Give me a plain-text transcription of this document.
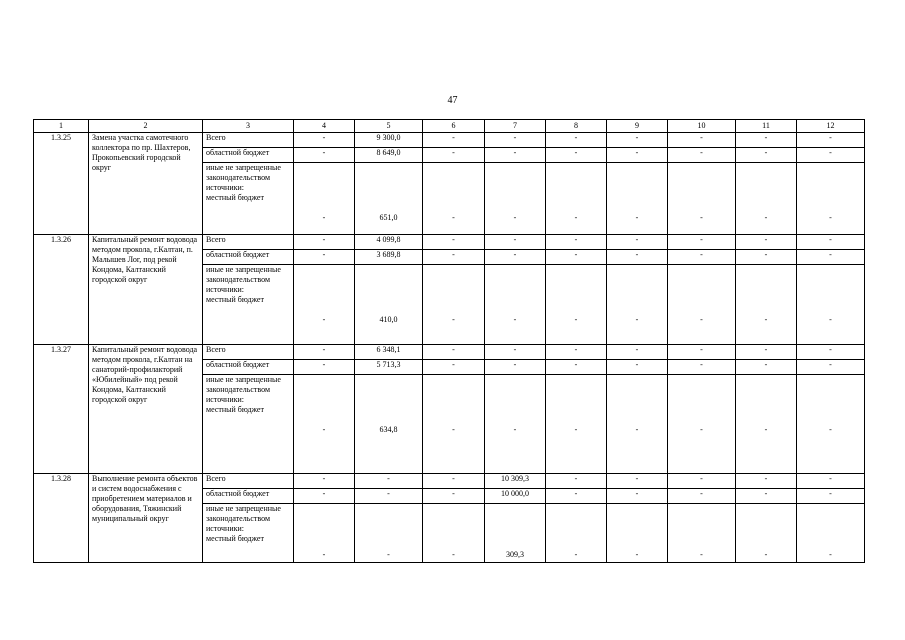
47
1	2	3	4	5	6	7	8	9	10	11	12
1.3.25	Замена участка самотечного коллектора по пр. Шахтеров, Прокопьевский городской округ	Всего	-	9 300,0	-	-	-	-	-	-	-
		областной бюджет	-	8 649,0	-	-	-	-	-	-	-
		иные не запрещенные законодательством источники:
местный бюджет	-	651,0	-	-	-	-	-	-	-

1.3.26	Капитальный ремонт водовода методом прокола, г.Калтан, п. Малышев Лог, под рекой Кондома, Калтанский городской округ	Всего	-	4 099,8	-	-	-	-	-	-	-
		областной бюджет	-	3 689,8	-	-	-	-	-	-	-
		иные не запрещенные законодательством источники:
местный бюджет	-	410,0	-	-	-	-	-	-	-

1.3.27	Капитальный ремонт водовода методом прокола, г.Калтан на санаторий-профилакторий «Юбилейный» под рекой Кондома, Калтанский городской округ	Всего	-	6 348,1	-	-	-	-	-	-	-
		областной бюджет	-	5 713,3	-	-	-	-	-	-	-
		иные не запрещенные законодательством источники:
местный бюджет	-	634,8	-	-	-	-	-	-	-

1.3.28	Выполнение ремонта объектов и систем водоснабжения с приобретением материалов и оборудования, Тяжинский муниципальный округ	Всего	-	-	-	10 309,3	-	-	-	-	-
		областной бюджет	-	-	-	10 000,0	-	-	-	-	-
		иные не запрещенные законодательством источники:
местный бюджет	-	-	-	309,3	-	-	-	-	-
